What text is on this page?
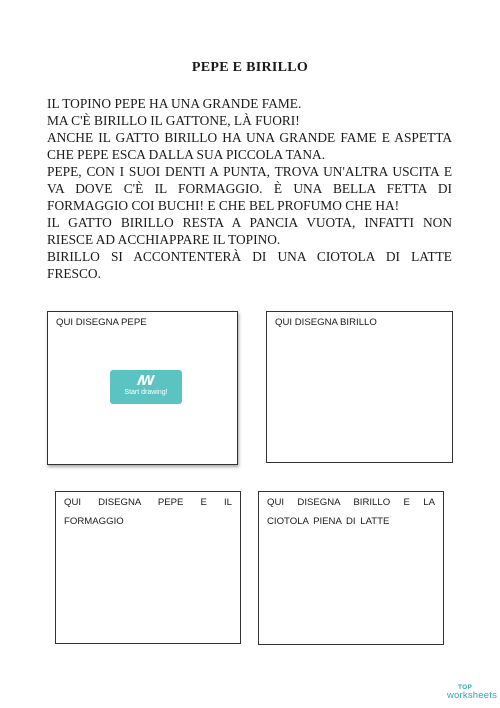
PEPE E BIRILLO

IL TOPINO PEPE HA UNA GRANDE FAME.

MA C'È BIRILLO IL GATTONE, LÀ FUORI!

ANCHE IL GATTO BIRILLO HA UNA GRANDE FAME E ASPETTA CHE PEPE ESCA DALLA SUA PICCOLA TANA.

PEPE, CON I SUOI DENTI A PUNTA, TROVA UN'ALTRA USCITA E VA DOVE C'È IL FORMAGGIO. È UNA BELLA FETTA DI FORMAGGIO COI BUCHI! E CHE BEL PROFUMO CHE HA!

IL GATTO BIRILLO RESTA A PANCIA VUOTA, INFATTI NON RIESCE AD ACCHIAPPARE IL TOPINO.

BIRILLO SI ACCONTENTERÀ DI UNA CIOTOLA DI LATTE FRESCO.

QUI DISEGNA PEPE
ꟿ
Start drawing!
QUI DISEGNA BIRILLO
QUI DISEGNA PEPE E IL FORMAGGIO
QUI DISEGNA BIRILLO E LA CIOTOLA PIENA DI LATTE
TOP
worksheets
